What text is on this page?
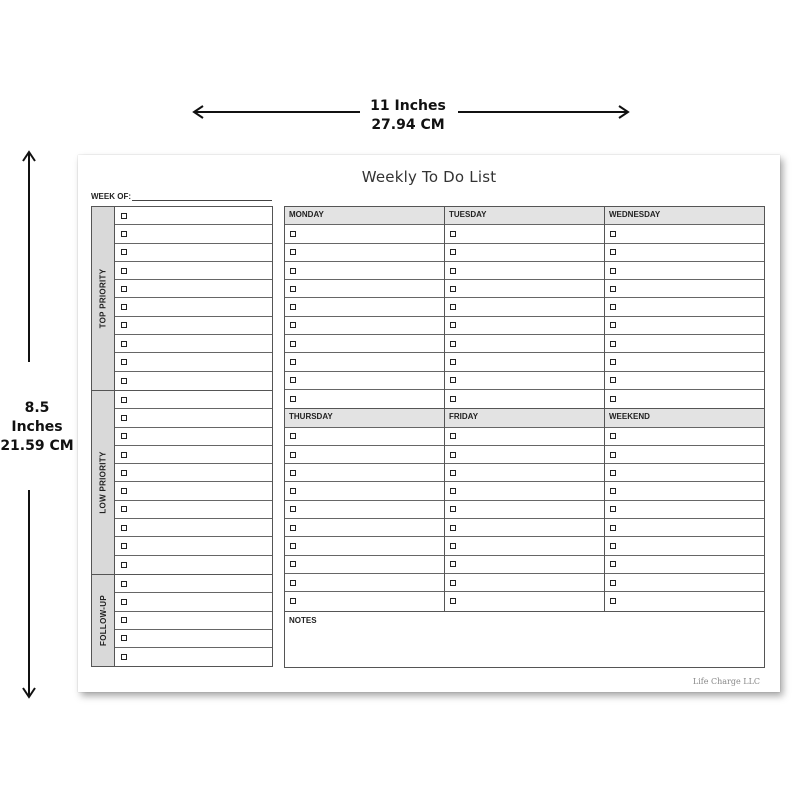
11 Inches
27.94 CM
8.5 Inches
21.59 CM
Weekly To Do List
WEEK OF:
TOP PRIORITY
LOW PRIORITY
FOLLOW-UP
MONDAY	TUESDAY	WEDNESDAY
THURSDAY	FRIDAY	WEEKEND
NOTES
Life Charge LLC
